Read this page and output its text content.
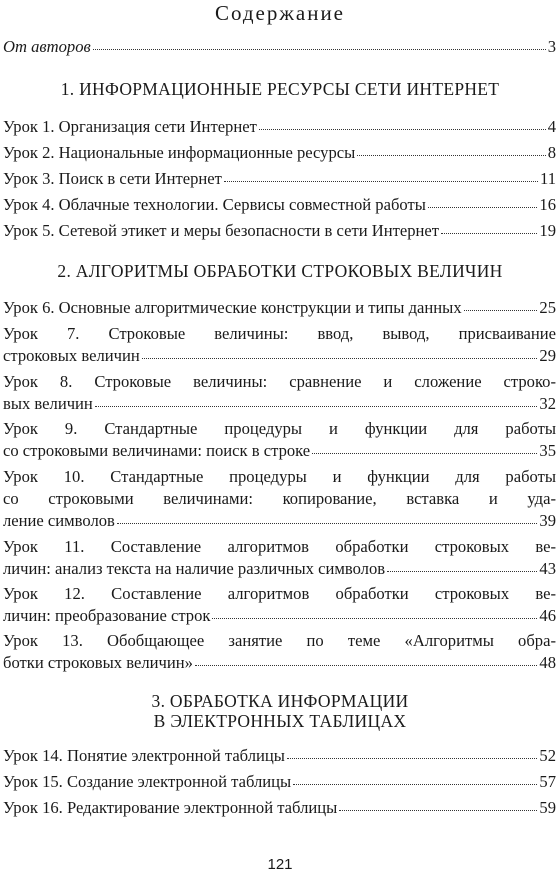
Содержание
От авторов	3
1. ИНФОРМАЦИОННЫЕ РЕСУРСЫ СЕТИ ИНТЕРНЕТ
Урок 1. Организация сети Интернет	4
Урок 2. Национальные информационные ресурсы	8
Урок 3. Поиск в сети Интернет	11
Урок 4. Облачные технологии. Сервисы совместной работы	16
Урок 5. Сетевой этикет и меры безопасности в сети Интернет	19
2. АЛГОРИТМЫ ОБРАБОТКИ СТРОКОВЫХ ВЕЛИЧИН
Урок 6. Основные алгоритмические конструкции и типы данных	25
Урок 7. Строковые величины: ввод, вывод, присваивание
строковых величин	29
Урок 8. Строковые величины: сравнение и сложение строко-
вых величин	32
Урок 9. Стандартные процедуры и функции для работы
со строковыми величинами: поиск в строке	35
Урок 10. Стандартные процедуры и функции для работы
со строковыми величинами: копирование, вставка и уда-
ление символов	39
Урок 11. Составление алгоритмов обработки строковых ве-
личин: анализ текста на наличие различных символов	43
Урок 12. Составление алгоритмов обработки строковых ве-
личин: преобразование строк	46
Урок 13. Обобщающее занятие по теме «Алгоритмы обра-
ботки строковых величин»	48
3. ОБРАБОТКА ИНФОРМАЦИИ
В ЭЛЕКТРОННЫХ ТАБЛИЦАХ
Урок 14. Понятие электронной таблицы	52
Урок 15. Создание электронной таблицы	57
Урок 16. Редактирование электронной таблицы	59
121
